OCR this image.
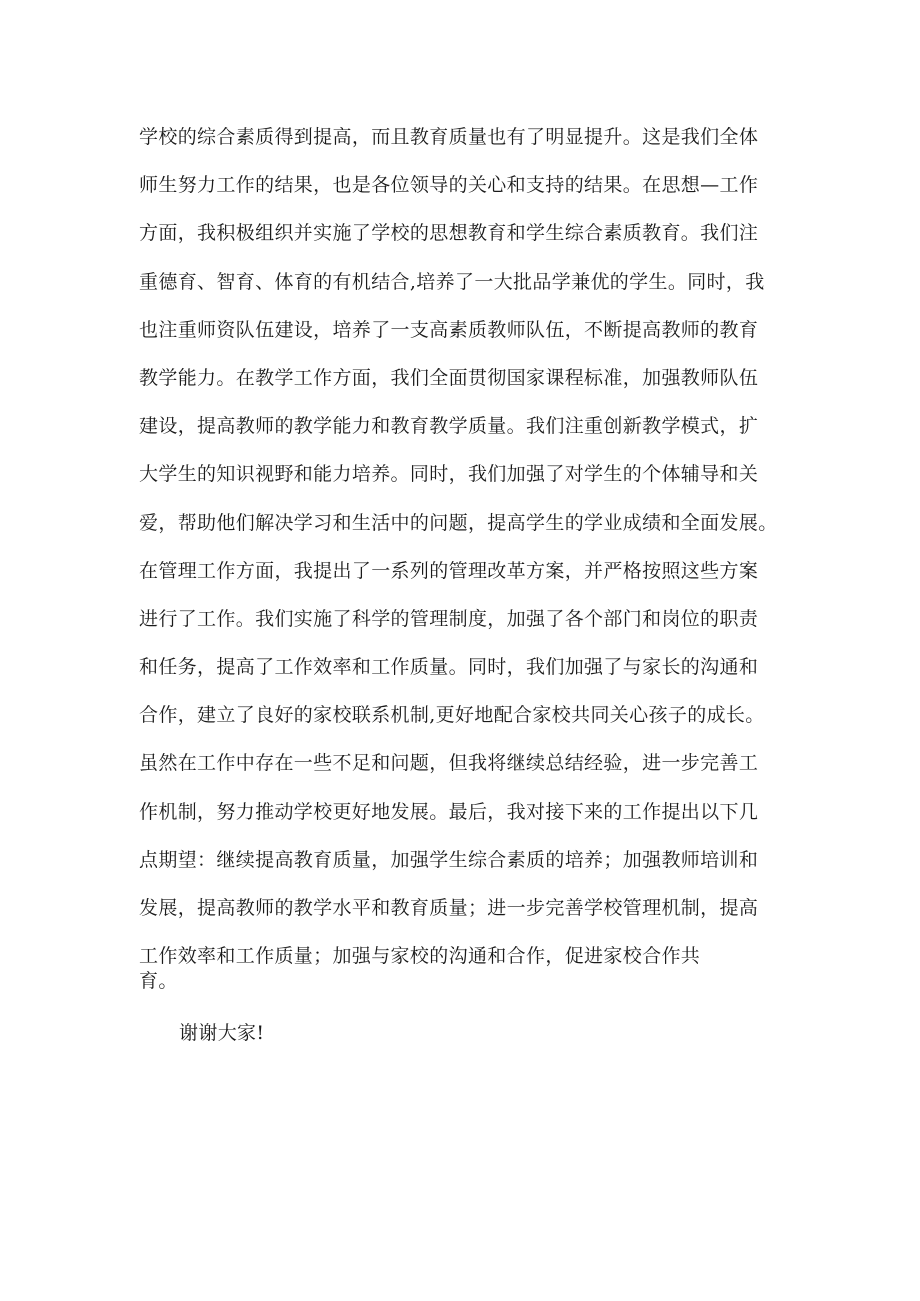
学校的综合素质得到提高，而且教育质量也有了明显提升。这是我们全体
师生努力工作的结果，也是各位领导的关心和支持的结果。在思想—工作
方面，我积极组织并实施了学校的思想教育和学生综合素质教育。我们注
重德育、智育、体育的有机结合,培养了一大批品学兼优的学生。同时，我
也注重师资队伍建设，培养了一支高素质教师队伍，不断提高教师的教育
教学能力。在教学工作方面，我们全面贯彻国家课程标准，加强教师队伍
建设，提高教师的教学能力和教育教学质量。我们注重创新教学模式，扩
大学生的知识视野和能力培养。同时，我们加强了对学生的个体辅导和关
爱，帮助他们解决学习和生活中的问题，提高学生的学业成绩和全面发展。
在管理工作方面，我提出了一系列的管理改革方案，并严格按照这些方案
进行了工作。我们实施了科学的管理制度，加强了各个部门和岗位的职责
和任务，提高了工作效率和工作质量。同时，我们加强了与家长的沟通和
合作，建立了良好的家校联系机制,更好地配合家校共同关心孩子的成长。
虽然在工作中存在一些不足和问题，但我将继续总结经验，进一步完善工
作机制，努力推动学校更好地发展。最后，我对接下来的工作提出以下几
点期望：继续提高教育质量，加强学生综合素质的培养；加强教师培训和
发展，提高教师的教学水平和教育质量；进一步完善学校管理机制，提高
工作效率和工作质量；加强与家校的沟通和合作，促进家校合作共
育。
谢谢大家!
